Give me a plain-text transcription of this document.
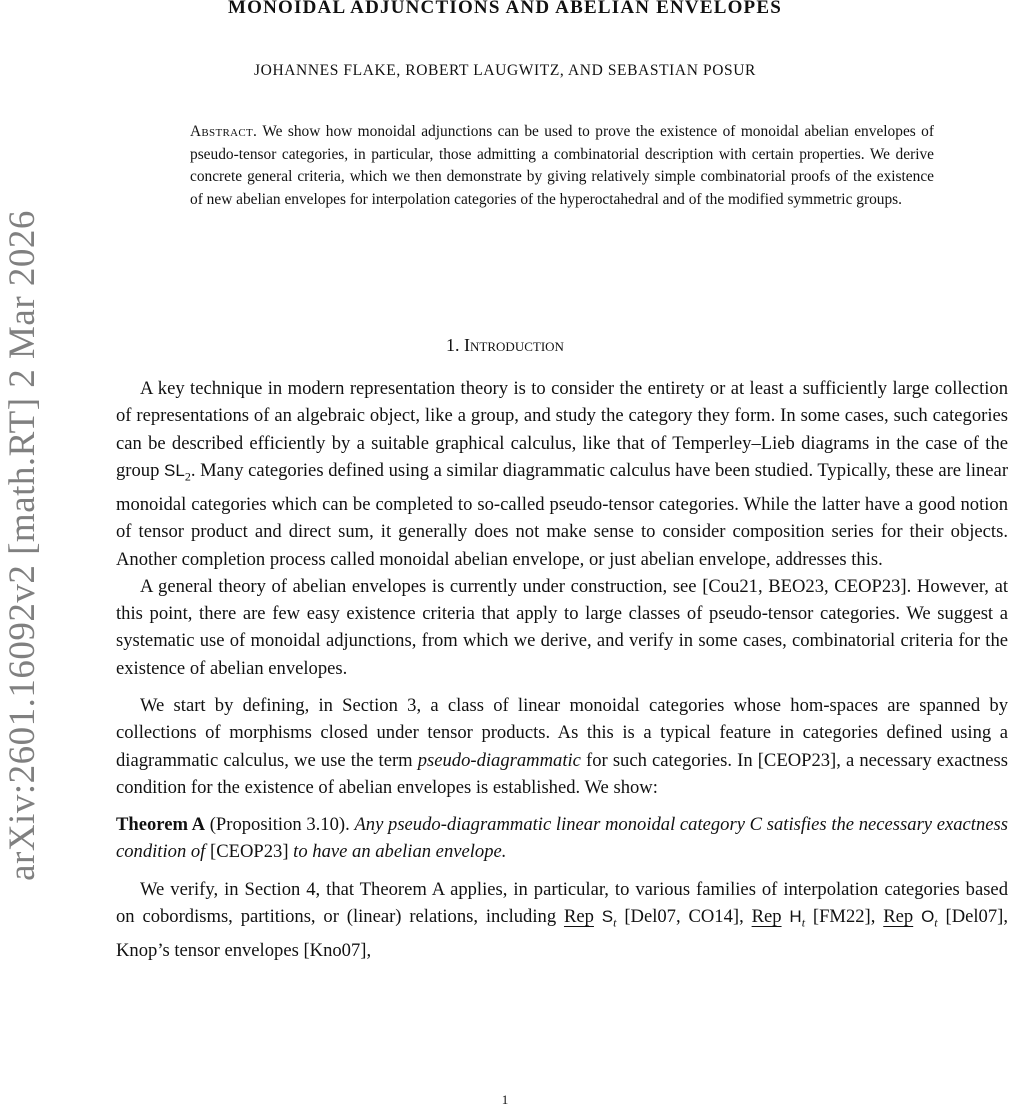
arXiv:2601.16092v2 [math.RT] 2 Mar 2026
MONOIDAL ADJUNCTIONS AND ABELIAN ENVELOPES
JOHANNES FLAKE, ROBERT LAUGWITZ, AND SEBASTIAN POSUR
Abstract. We show how monoidal adjunctions can be used to prove the existence of monoidal abelian envelopes of pseudo-tensor categories, in particular, those admitting a combinatorial description with certain properties. We derive concrete general criteria, which we then demonstrate by giving relatively simple combinatorial proofs of the existence of new abelian envelopes for interpolation categories of the hyperoctahedral and of the modified symmetric groups.
1. Introduction

A key technique in modern representation theory is to consider the entirety or at least a sufficiently large collection of representations of an algebraic object, like a group, and study the category they form. In some cases, such categories can be described efficiently by a suitable graphical calculus, like that of Temperley–Lieb diagrams in the case of the group $SL_2$. Many categories defined using a similar diagrammatic calculus have been studied. Typically, these are linear monoidal categories which can be completed to so-called pseudo-tensor categories. While the latter have a good notion of tensor product and direct sum, it generally does not make sense to consider composition series for their objects. Another completion process called monoidal abelian envelope, or just abelian envelope, addresses this.

A general theory of abelian envelopes is currently under construction, see [Cou21, BEO23, CEOP23]. However, at this point, there are few easy existence criteria that apply to large classes of pseudo-tensor categories. We suggest a systematic use of monoidal adjunctions, from which we derive, and verify in some cases, combinatorial criteria for the existence of abelian envelopes.

We start by defining, in Section 3, a class of linear monoidal categories whose hom-spaces are spanned by collections of morphisms closed under tensor products. As this is a typical feature in categories defined using a diagrammatic calculus, we use the term pseudo-diagrammatic for such categories. In [CEOP23], a necessary exactness condition for the existence of abelian envelopes is established. We show:

Theorem A (Proposition 3.10). Any pseudo-diagrammatic linear monoidal category C satisfies the necessary exactness condition of [CEOP23] to have an abelian envelope.

We verify, in Section 4, that Theorem A applies, in particular, to various families of interpolation categories based on cobordisms, partitions, or (linear) relations, including Rep $S_t$ [Del07, CO14], Rep $H_t$ [FM22], Rep $O_t$ [Del07], Knop’s tensor envelopes [Kno07],

1
